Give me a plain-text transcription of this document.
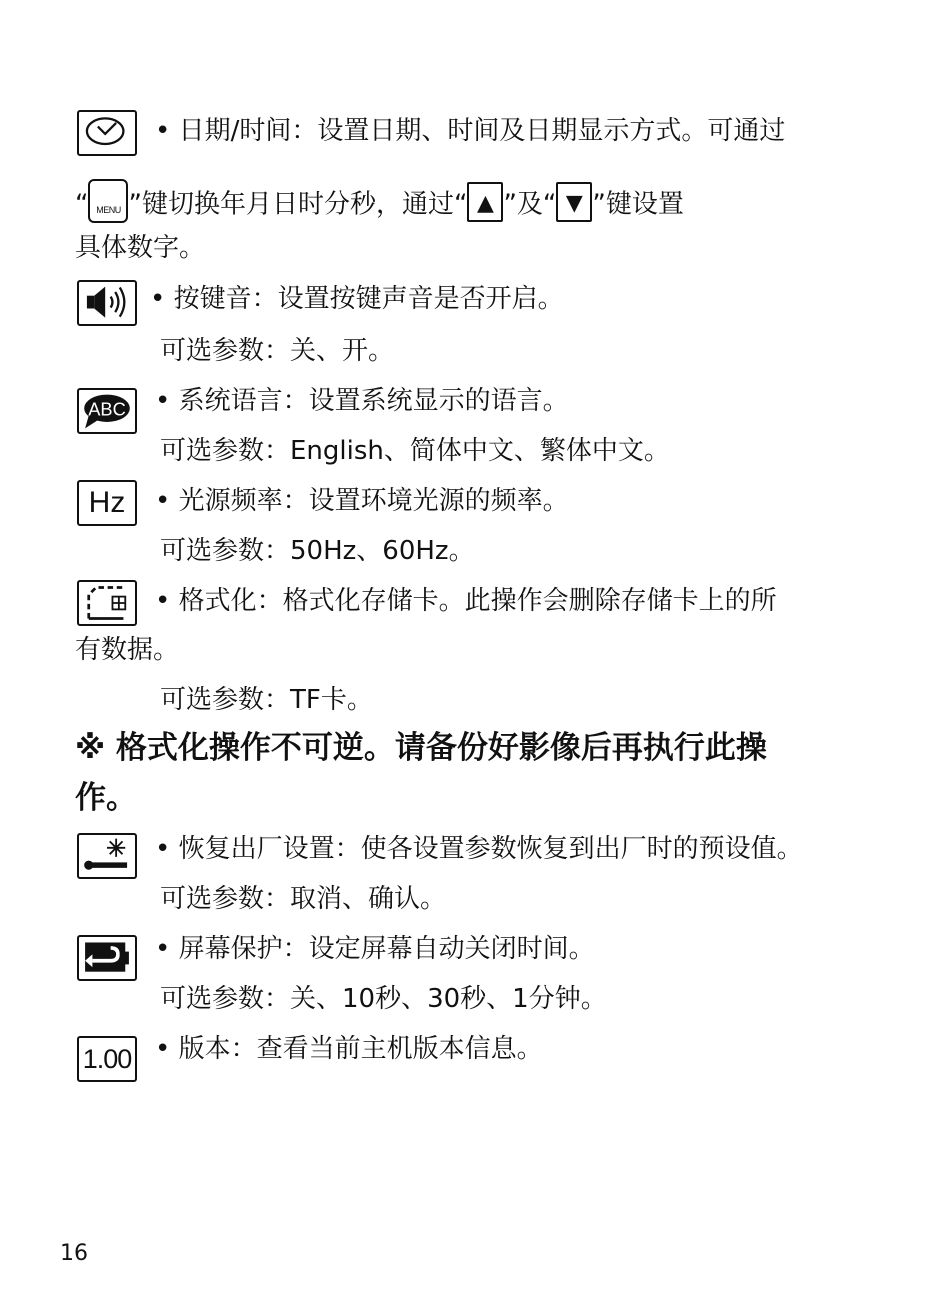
• 日期/时间：设置日期、时间及日期显示方式。可通过
“ MENU ”键切换年月日时分秒，通过“ ▲ ”及“ ▼ ”键设置
具体数字。
• 按键音：设置按键声音是否开启。
可选参数：关、开。
ABC • 系统语言：设置系统显示的语言。
可选参数：English、简体中文、繁体中文。
Hz	• 光源频率：设置环境光源的频率。
可选参数：50Hz、60Hz。
• 格式化：格式化存储卡。此操作会删除存储卡上的所
有数据。
可选参数：TF卡。
※ 格式化操作不可逆。请备份好影像后再执行此操
作。
• 恢复出厂设置：使各设置参数恢复到出厂时的预设值。
可选参数：取消、确认。
• 屏幕保护：设定屏幕自动关闭时间。
可选参数：关、10秒、30秒、1分钟。
1.00 • 版本：查看当前主机版本信息。
16
